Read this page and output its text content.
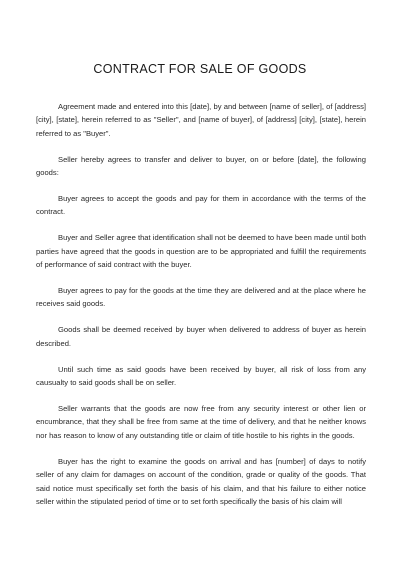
CONTRACT FOR SALE OF GOODS

Agreement made and entered into this [date], by and between [name of seller], of [address] [city], [state], herein referred to as "Seller", and [name of buyer], of [address] [city], [state], herein referred to as "Buyer".

Seller hereby agrees to transfer and deliver to buyer, on or before [date], the following goods:

Buyer agrees to accept the goods and pay for them in accordance with the terms of the contract.

Buyer and Seller agree that identification shall not be deemed to have been made until both parties have agreed that the goods in question are to be appropriated and fulfill the requirements of performance of said contract with the buyer.

Buyer agrees to pay for the goods at the time they are delivered and at the place where he receives said goods.

Goods shall be deemed received by buyer when delivered to address of buyer as herein described.

Until such time as said goods have been received by buyer, all risk of loss from any causualty to said goods shall be on seller.

Seller warrants that the goods are now free from any security interest or other lien or encumbrance, that they shall be free from same at the time of delivery, and that he neither knows nor has reason to know of any outstanding title or claim of title hostile to his rights in the goods.

Buyer has the right to examine the goods on arrival and has [number] of days to notify seller of any claim for damages on account of the condition, grade or quality of the goods. That said notice must specifically set forth the basis of his claim, and that his failure to either notice seller within the stipulated period of time or to set forth specifically the basis of his claim will
